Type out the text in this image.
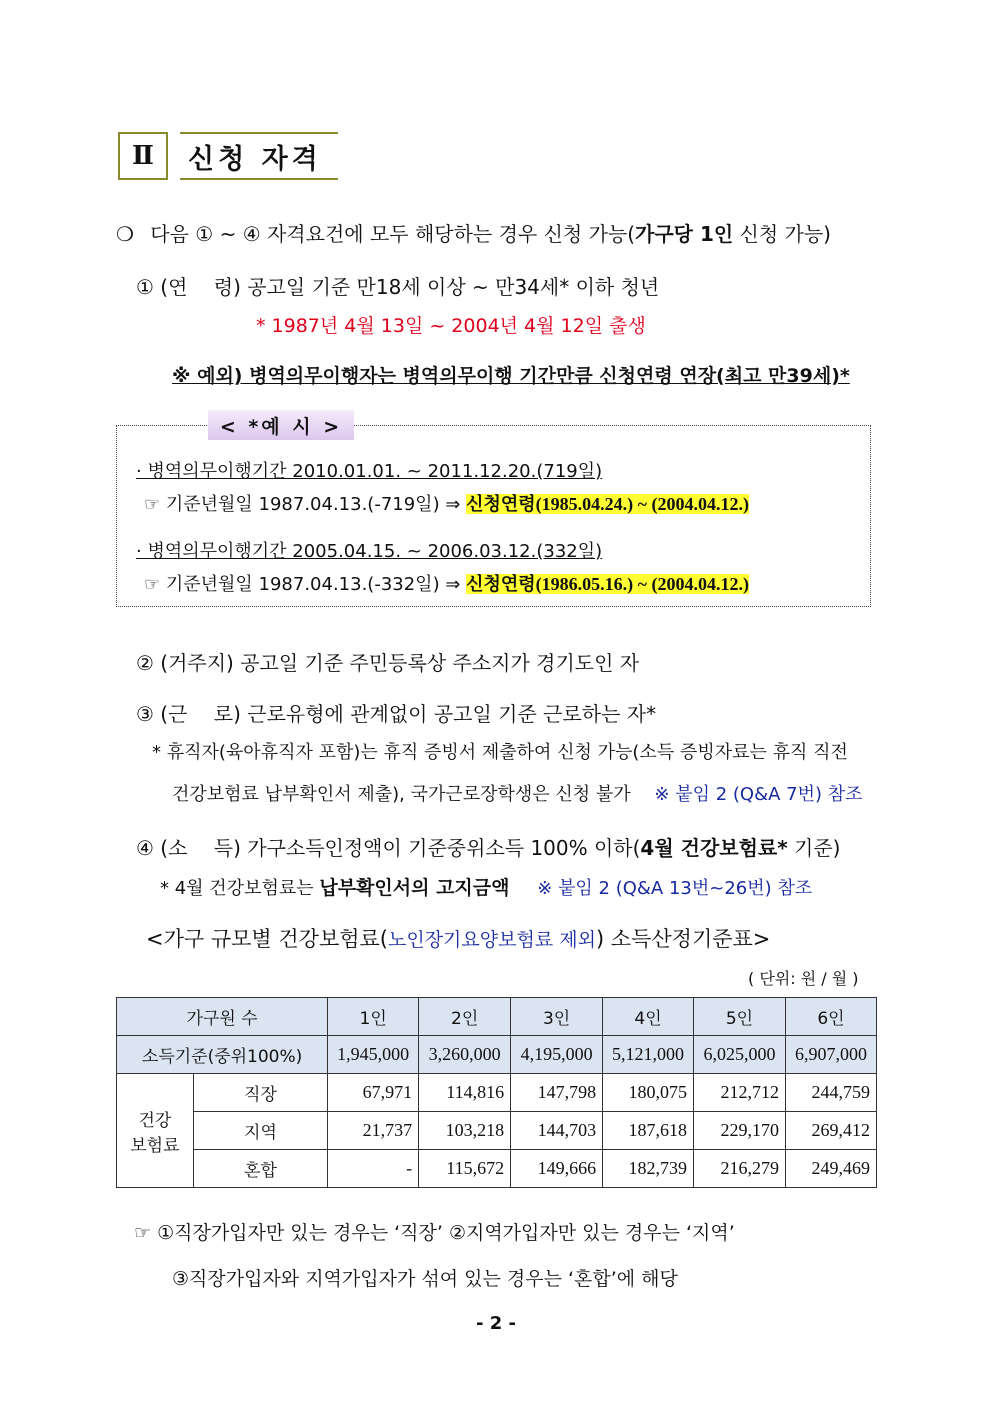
Ⅱ	신청 자격
❍ 다음 ① ~ ④ 자격요건에 모두 해당하는 경우 신청 가능(가구당 1인 신청 가능)
① (연　 령) 공고일 기준 만18세 이상 ~ 만34세* 이하 청년
* 1987년 4월 13일 ~ 2004년 4월 12일 출생
※ 예외) 병역의무이행자는 병역의무이행 기간만큼 신청연령 연장(최고 만39세)*
< *예 시 >
· 병역의무이행기간 2010.01.01. ~ 2011.12.20.(719일)
☞ 기준년월일 1987.04.13.(-719일) ⇒ 신청연령(1985.04.24.) ~ (2004.04.12.)
· 병역의무이행기간 2005.04.15. ~ 2006.03.12.(332일)
☞ 기준년월일 1987.04.13.(-332일) ⇒ 신청연령(1986.05.16.) ~ (2004.04.12.)
② (거주지) 공고일 기준 주민등록상 주소지가 경기도인 자
③ (근　 로) 근로유형에 관계없이 공고일 기준 근로하는 자*
* 휴직자(육아휴직자 포함)는 휴직 증빙서 제출하여 신청 가능(소득 증빙자료는 휴직 직전
건강보험료 납부확인서 제출), 국가근로장학생은 신청 불가 ※ 붙임 2 (Q&A 7번) 참조
④ (소　 득) 가구소득인정액이 기준중위소득 100% 이하(4월 건강보험료* 기준)
* 4월 건강보험료는 납부확인서의 고지금액 ※ 붙임 2 (Q&A 13번~26번) 참조
<가구 규모별 건강보험료(노인장기요양보험료 제외) 소득산정기준표>
( 단위: 원 / 월 )
가구원 수		1인	2인	3인	4인	5인	6인
소득기준(중위100%)		1,945,000	3,260,000	4,195,000	5,121,000	6,025,000	6,907,000
건강
보험료	직장	67,971	114,816	147,798	180,075	212,712	244,759
	지역	21,737	103,218	144,703	187,618	229,170	269,412
	혼합	-	115,672	149,666	182,739	216,279	249,469
☞ ①직장가입자만 있는 경우는 ‘직장’ ②지역가입자만 있는 경우는 ‘지역’
③직장가입자와 지역가입자가 섞여 있는 경우는 ‘혼합’에 해당
- 2 -
